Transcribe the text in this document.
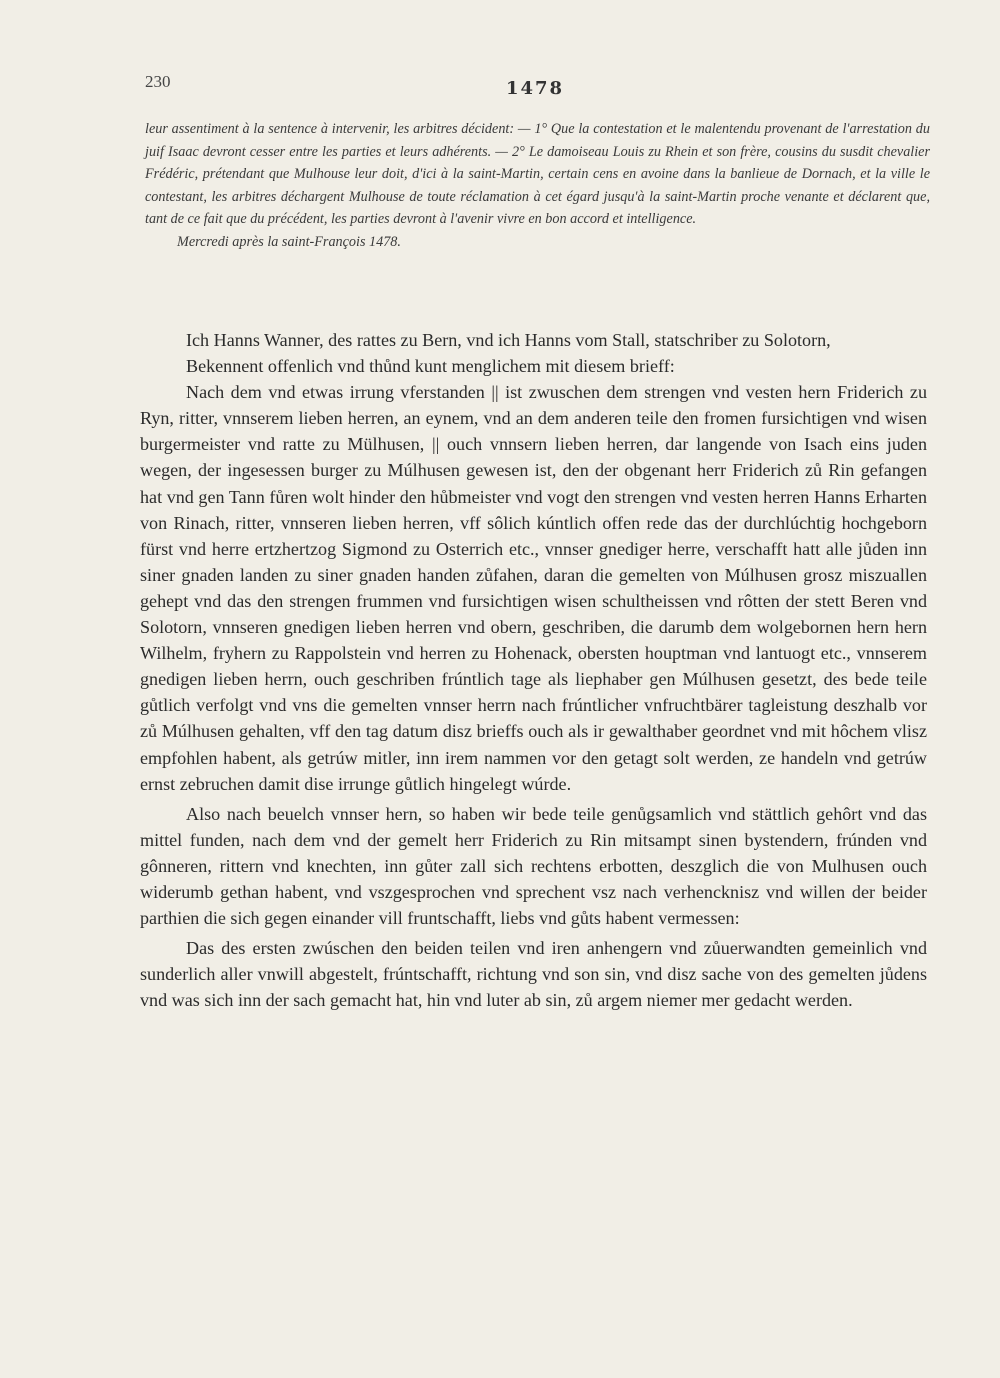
230	1478

leur assentiment à la sentence à intervenir, les arbitres décident: — 1° Que la contestation et le malentendu provenant de l'arrestation du juif Isaac devront cesser entre les parties et leurs adhérents. — 2° Le damoiseau Louis zu Rhein et son frère, cousins du susdit chevalier Frédéric, prétendant que Mulhouse leur doit, d'ici à la saint-Martin, certain cens en avoine dans la banlieue de Dornach, et la ville le contestant, les arbitres déchargent Mulhouse de toute réclamation à cet égard jusqu'à la saint-Martin proche venante et déclarent que, tant de ce fait que du précédent, les parties devront à l'avenir vivre en bon accord et intelligence.

Mercredi après la saint-François 1478.

Ich Hanns Wanner, des rattes zu Bern, vnd ich Hanns vom Stall, statschriber zu Solotorn,

Bekennent offenlich vnd thůnd kunt menglichem mit diesem brieff:

Nach dem vnd etwas irrung vferstanden || ist zwuschen dem strengen vnd vesten hern Friderich zu Ryn, ritter, vnnserem lieben herren, an eynem, vnd an dem anderen teile den fromen fursichtigen vnd wisen burgermeister vnd ratte zu Mülhusen, || ouch vnnsern lieben herren, dar langende von Isach eins juden wegen, der ingesessen burger zu Múlhusen gewesen ist, den der obgenant herr Friderich zů Rin gefangen hat vnd gen Tann fůren wolt hinder den hůbmeister vnd vogt den strengen vnd vesten herren Hanns Erharten von Rinach, ritter, vnnseren lieben herren, vff sôlich kúntlich offen rede das der durchlúchtig hochgeborn fürst vnd herre ertzhertzog Sigmond zu Osterrich etc., vnnser gnediger herre, verschafft hatt alle jůden inn siner gnaden landen zu siner gnaden handen zůfahen, daran die gemelten von Múlhusen grosz miszuallen gehept vnd das den strengen frummen vnd fursichtigen wisen schultheissen vnd rôtten der stett Beren vnd Solotorn, vnnseren gnedigen lieben herren vnd obern, geschriben, die darumb dem wolgebornen hern hern Wilhelm, fryhern zu Rappolstein vnd herren zu Hohenack, obersten houptman vnd lantuogt etc., vnnserem gnedigen lieben herrn, ouch geschriben frúntlich tage als liephaber gen Múlhusen gesetzt, des bede teile gůtlich verfolgt vnd vns die gemelten vnnser herrn nach frúntlicher vnfruchtbärer tagleistung deszhalb vor zů Múlhusen gehalten, vff den tag datum disz brieffs ouch als ir gewalthaber geordnet vnd mit hôchem vlisz empfohlen habent, als getrúw mitler, inn irem nammen vor den getagt solt werden, ze handeln vnd getrúw ernst zebruchen damit dise irrunge gůtlich hingelegt wúrde.

Also nach beuelch vnnser hern, so haben wir bede teile genůgsamlich vnd stättlich gehôrt vnd das mittel funden, nach dem vnd der gemelt herr Friderich zu Rin mitsampt sinen bystendern, frúnden vnd gônneren, rittern vnd knechten, inn gůter zall sich rechtens erbotten, deszglich die von Mulhusen ouch widerumb gethan habent, vnd vszgesprochen vnd sprechent vsz nach verhencknisz vnd willen der beider parthien die sich gegen einander vill fruntschafft, liebs vnd gůts habent vermessen:

Das des ersten zwúschen den beiden teilen vnd iren anhengern vnd zůuerwandten gemeinlich vnd sunderlich aller vnwill abgestelt, frúntschafft, richtung vnd son sin, vnd disz sache von des gemelten jůdens vnd was sich inn der sach gemacht hat, hin vnd luter ab sin, zů argem niemer mer gedacht werden.
